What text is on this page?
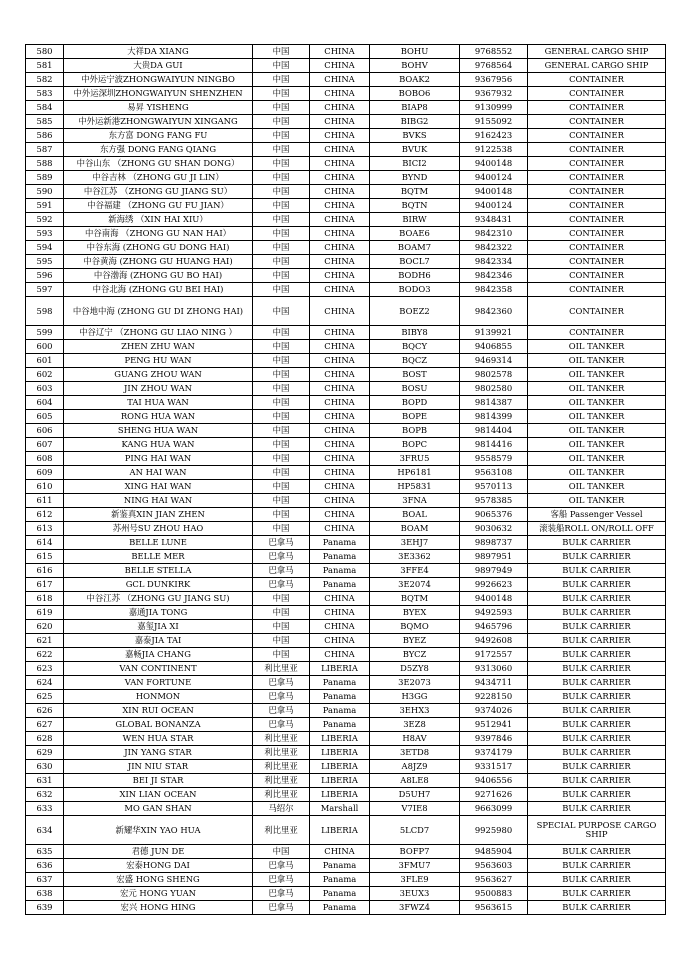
580	大祥DA XIANG	中国	CHINA	BOHU	9768552	GENERAL CARGO SHIP
581	大贵DA GUI	中国	CHINA	BOHV	9768564	GENERAL CARGO SHIP
582	中外运宁波ZHONGWAIYUN NINGBO	中国	CHINA	BOAK2	9367956	CONTAINER
583	中外运深圳ZHONGWAIYUN SHENZHEN	中国	CHINA	BOBO6	9367932	CONTAINER
584	易昇 YISHENG	中国	CHINA	BIAP8	9130999	CONTAINER
585	中外运新港ZHONGWAIYUN XINGANG	中国	CHINA	BIBG2	9155092	CONTAINER
586	东方富 DONG FANG FU	中国	CHINA	BVKS	9162423	CONTAINER
587	东方强 DONG FANG QIANG	中国	CHINA	BVUK	9122538	CONTAINER
588	中谷山东 （ZHONG GU SHAN DONG）	中国	CHINA	BICI2	9400148	CONTAINER
589	中谷吉林 （ZHONG GU JI LIN）	中国	CHINA	BYND	9400124	CONTAINER
590	中谷江苏 （ZHONG GU JIANG SU）	中国	CHINA	BQTM	9400148	CONTAINER
591	中谷福建 （ZHONG GU FU JIAN）	中国	CHINA	BQTN	9400124	CONTAINER
592	新海绣 （XIN HAI XIU）	中国	CHINA	BIRW	9348431	CONTAINER
593	中谷南海 （ZHONG GU NAN HAI）	中国	CHINA	BOAE6	9842310	CONTAINER
594	中谷东海 (ZHONG GU DONG HAI)	中国	CHINA	BOAM7	9842322	CONTAINER
595	中谷黄海 (ZHONG GU HUANG HAI)	中国	CHINA	BOCL7	9842334	CONTAINER
596	中谷渤海 (ZHONG GU BO HAI)	中国	CHINA	BODH6	9842346	CONTAINER
597	中谷北海 (ZHONG GU BEI HAI)	中国	CHINA	BODO3	9842358	CONTAINER
598	中谷地中海 (ZHONG GU DI ZHONG HAI)	中国	CHINA	BOEZ2	9842360	CONTAINER
599	中谷辽宁 （ZHONG GU LIAO NING ）	中国	CHINA	BIBY8	9139921	CONTAINER
600	ZHEN ZHU WAN	中国	CHINA	BQCY	9406855	OIL TANKER
601	PENG HU WAN	中国	CHINA	BQCZ	9469314	OIL TANKER
602	GUANG ZHOU WAN	中国	CHINA	BOST	9802578	OIL TANKER
603	JIN ZHOU WAN	中国	CHINA	BOSU	9802580	OIL TANKER
604	TAI HUA WAN	中国	CHINA	BOPD	9814387	OIL TANKER
605	RONG HUA WAN	中国	CHINA	BOPE	9814399	OIL TANKER
606	SHENG HUA WAN	中国	CHINA	BOPB	9814404	OIL TANKER
607	KANG HUA WAN	中国	CHINA	BOPC	9814416	OIL TANKER
608	PING HAI WAN	中国	CHINA	3FRU5	9558579	OIL TANKER
609	AN HAI WAN	中国	CHINA	HP6181	9563108	OIL TANKER
610	XING HAI WAN	中国	CHINA	HP5831	9570113	OIL TANKER
611	NING HAI WAN	中国	CHINA	3FNA	9578385	OIL TANKER
612	新鉴真XIN JIAN ZHEN	中国	CHINA	BOAL	9065376	客船 Passenger Vessel
613	苏州号SU ZHOU HAO	中国	CHINA	BOAM	9030632	滚装船ROLL ON/ROLL OFF
614	BELLE LUNE	巴拿马	Panama	3EHJ7	9898737	BULK CARRIER
615	BELLE MER	巴拿马	Panama	3E3362	9897951	BULK CARRIER
616	BELLE STELLA	巴拿马	Panama	3FFE4	9897949	BULK CARRIER
617	GCL DUNKIRK	巴拿马	Panama	3E2074	9926623	BULK CARRIER
618	中谷江苏 （ZHONG GU JIANG SU)	中国	CHINA	BQTM	9400148	BULK CARRIER
619	嘉通JIA TONG	中国	CHINA	BYEX	9492593	BULK CARRIER
620	嘉玺JIA XI	中国	CHINA	BQMO	9465796	BULK CARRIER
621	嘉泰JIA TAI	中国	CHINA	BYEZ	9492608	BULK CARRIER
622	嘉畅JIA CHANG	中国	CHINA	BYCZ	9172557	BULK CARRIER
623	VAN CONTINENT	利比里亚	LIBERIA	D5ZY8	9313060	BULK CARRIER
624	VAN FORTUNE	巴拿马	Panama	3E2073	9434711	BULK CARRIER
625	HONMON	巴拿马	Panama	H3GG	9228150	BULK CARRIER
626	XIN RUI OCEAN	巴拿马	Panama	3EHX3	9374026	BULK CARRIER
627	GLOBAL BONANZA	巴拿马	Panama	3EZ8	9512941	BULK CARRIER
628	WEN HUA STAR	利比里亚	LIBERIA	H8AV	9397846	BULK CARRIER
629	JIN YANG STAR	利比里亚	LIBERIA	3ETD8	9374179	BULK CARRIER
630	JIN NIU STAR	利比里亚	LIBERIA	A8JZ9	9331517	BULK CARRIER
631	BEI JI STAR	利比里亚	LIBERIA	A8LE8	9406556	BULK CARRIER
632	XIN LIAN OCEAN	利比里亚	LIBERIA	D5UH7	9271626	BULK CARRIER
633	MO GAN SHAN	马绍尔	Marshall	V7IE8	9663099	BULK CARRIER
634	新耀华XIN YAO HUA	利比里亚	LIBERIA	5LCD7	9925980	SPECIAL PURPOSE CARGO SHIP
635	君德 JUN DE	中国	CHINA	BOFP7	9485904	BULK CARRIER
636	宏泰HONG DAI	巴拿马	Panama	3FMU7	9563603	BULK CARRIER
637	宏盛 HONG SHENG	巴拿马	Panama	3FLE9	9563627	BULK CARRIER
638	宏元 HONG YUAN	巴拿马	Panama	3EUX3	9500883	BULK CARRIER
639	宏兴 HONG HING	巴拿马	Panama	3FWZ4	9563615	BULK CARRIER
